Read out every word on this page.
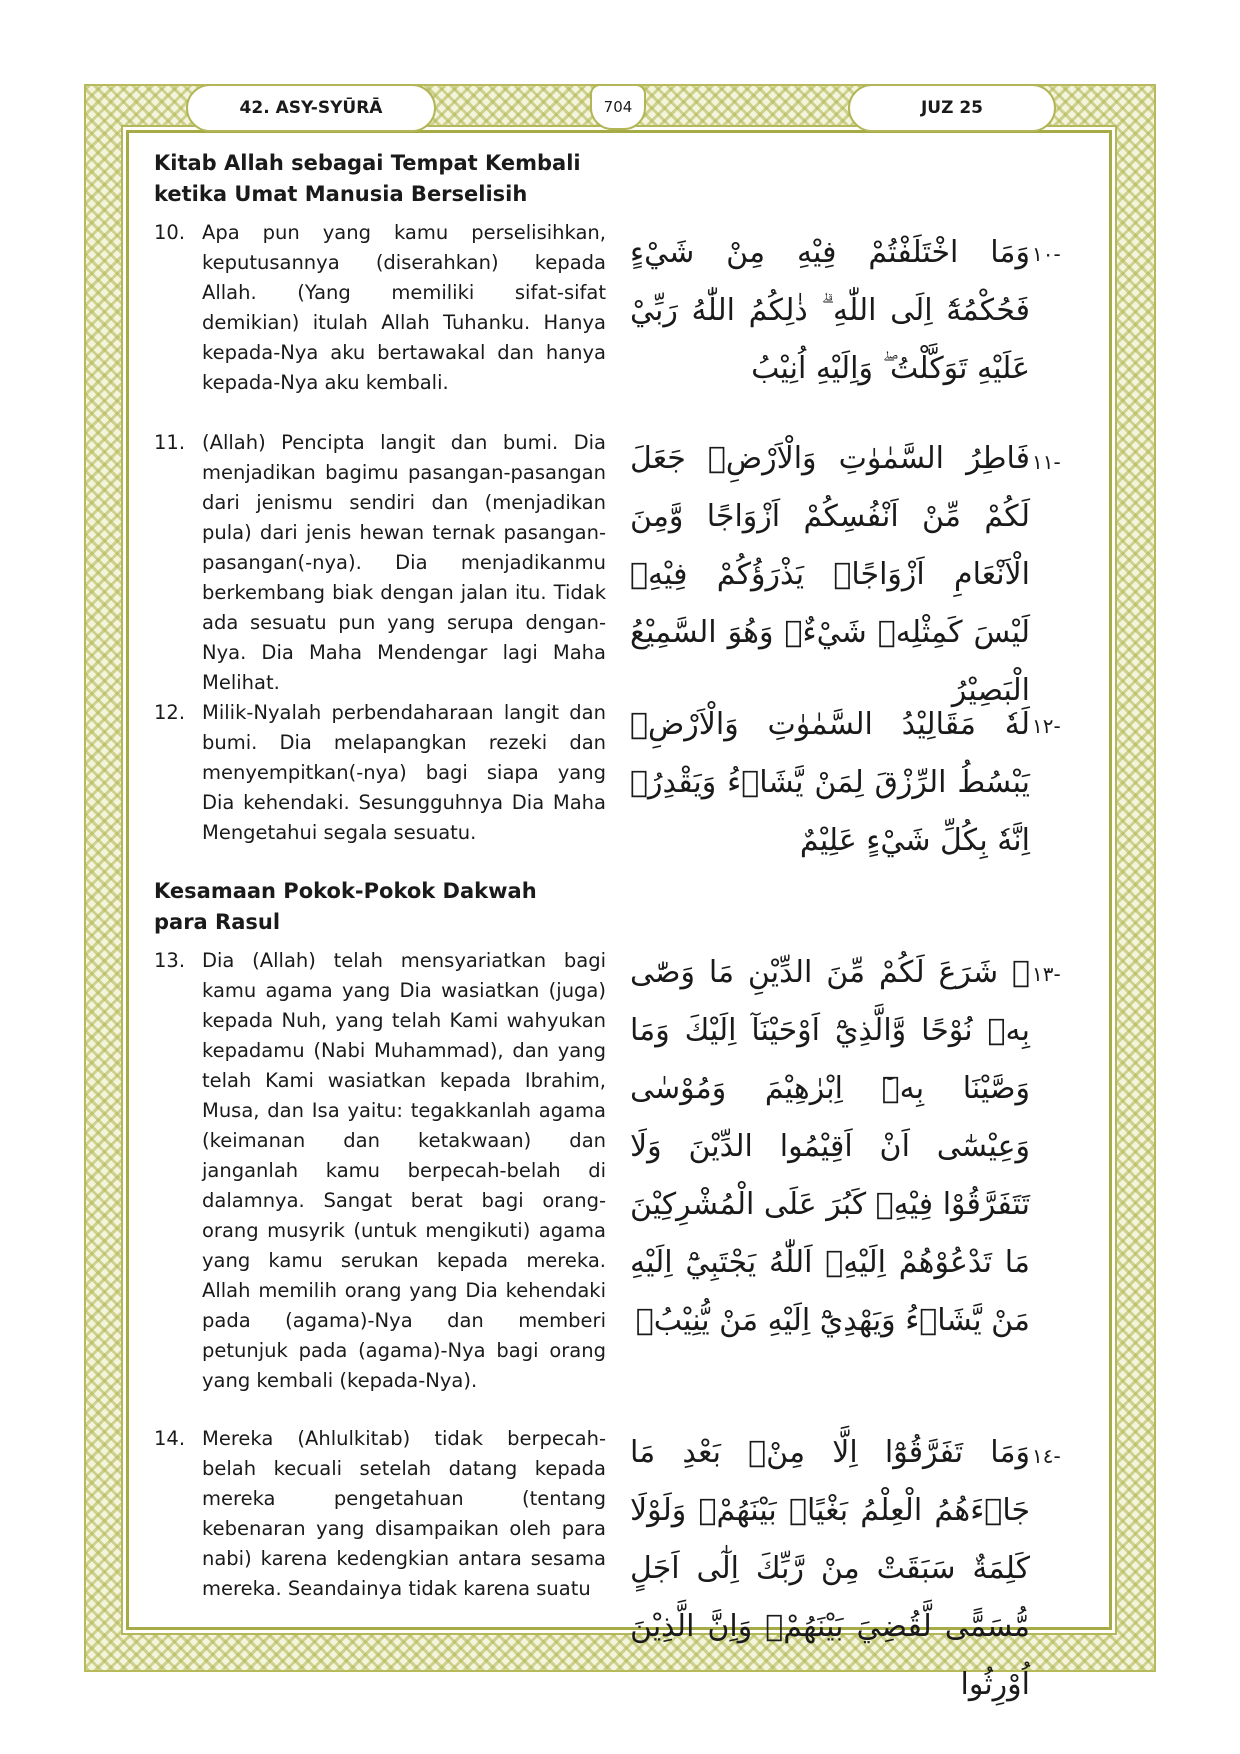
42. ASY-SYŪRĀ	704	JUZ 25
Kitab Allah sebagai Tempat Kembali ketika Umat Manusia Berselisih
10. Apa pun yang kamu perselisihkan, keputusannya (diserahkan) kepada Allah. (Yang memiliki sifat-sifat demikian) itulah Allah Tuhanku. Hanya kepada-Nya aku bertawakal dan hanya kepada-Nya aku kembali.
-١٠
وَمَا اخْتَلَفْتُمْ فِيْهِ مِنْ شَيْءٍ فَحُكْمُهٗٓ اِلَى اللّٰهِ ۗ ذٰلِكُمُ اللّٰهُ رَبِّيْ عَلَيْهِ تَوَكَّلْتُ ۖ وَاِلَيْهِ اُنِيْبُ
11. (Allah) Pencipta langit dan bumi. Dia menjadikan bagimu pasangan-pasangan dari jenismu sendiri dan (menjadikan pula) dari jenis hewan ternak pasangan-pasangan(-nya). Dia menjadikanmu berkembang biak dengan jalan itu. Tidak ada sesuatu pun yang serupa dengan-Nya. Dia Maha Mendengar lagi Maha Melihat.
-١١
فَاطِرُ السَّمٰوٰتِ وَالْاَرْضِۗ جَعَلَ لَكُمْ مِّنْ اَنْفُسِكُمْ اَزْوَاجًا وَّمِنَ الْاَنْعَامِ اَزْوَاجًاۚ يَذْرَؤُكُمْ فِيْهِۗ لَيْسَ كَمِثْلِهٖ شَيْءٌۚ وَهُوَ السَّمِيْعُ الْبَصِيْرُ
12. Milik-Nyalah perbendaharaan langit dan bumi. Dia melapangkan rezeki dan menyempitkan(-nya) bagi siapa yang Dia kehendaki. Sesungguhnya Dia Maha Mengetahui segala sesuatu.
-١٢
لَهٗ مَقَالِيْدُ السَّمٰوٰتِ وَالْاَرْضِۚ يَبْسُطُ الرِّزْقَ لِمَنْ يَّشَاۤءُ وَيَقْدِرُۚ اِنَّهٗ بِكُلِّ شَيْءٍ عَلِيْمٌ
Kesamaan Pokok-Pokok Dakwah para Rasul
13. Dia (Allah) telah mensyariatkan bagi kamu agama yang Dia wasiatkan (juga) kepada Nuh, yang telah Kami wahyukan kepadamu (Nabi Muhammad), dan yang telah Kami wasiatkan kepada Ibrahim, Musa, dan Isa yaitu: tegakkanlah agama (keimanan dan ketakwaan) dan janganlah kamu berpecah-belah di dalamnya. Sangat berat bagi orang-orang musyrik (untuk mengikuti) agama yang kamu serukan kepada mereka. Allah memilih orang yang Dia kehendaki pada (agama)-Nya dan memberi petunjuk pada (agama)-Nya bagi orang yang kembali (kepada-Nya).
-١٣
۞ شَرَعَ لَكُمْ مِّنَ الدِّيْنِ مَا وَصّٰى بِهٖ نُوْحًا وَّالَّذِيْٓ اَوْحَيْنَآ اِلَيْكَ وَمَا وَصَّيْنَا بِهٖٓ اِبْرٰهِيْمَ وَمُوْسٰى وَعِيْسٰٓى اَنْ اَقِيْمُوا الدِّيْنَ وَلَا تَتَفَرَّقُوْا فِيْهِۗ كَبُرَ عَلَى الْمُشْرِكِيْنَ مَا تَدْعُوْهُمْ اِلَيْهِۗ اَللّٰهُ يَجْتَبِيْٓ اِلَيْهِ مَنْ يَّشَاۤءُ وَيَهْدِيْٓ اِلَيْهِ مَنْ يُّنِيْبُۗ
14. Mereka (Ahlulkitab) tidak berpecah-belah kecuali setelah datang kepada mereka pengetahuan (tentang kebenaran yang disampaikan oleh para nabi) karena kedengkian antara sesama mereka. Seandainya tidak karena suatu
-١٤
وَمَا تَفَرَّقُوْٓا اِلَّا مِنْۢ بَعْدِ مَا جَاۤءَهُمُ الْعِلْمُ بَغْيًاۢ بَيْنَهُمْۗ وَلَوْلَا كَلِمَةٌ سَبَقَتْ مِنْ رَّبِّكَ اِلٰٓى اَجَلٍ مُّسَمًّى لَّقُضِيَ بَيْنَهُمْۗ وَاِنَّ الَّذِيْنَ اُوْرِثُوا
